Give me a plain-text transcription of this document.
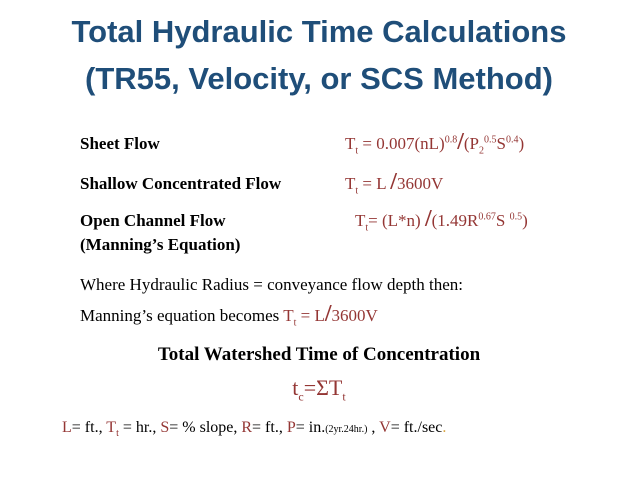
Total Hydraulic Time Calculations
(TR55, Velocity, or SCS Method)
Sheet Flow	$T_t = 0.007(nL)^{0.8}/(P_2^{0.5}S^{0.4})$
Shallow Concentrated Flow	$T_t = L$ /3600V
Open Channel Flow
(Manning’s Equation)
$T_t= (L*n)$ $/(1.49R^{0.67}S$ $^{0.5}$)
Where Hydraulic Radius = conveyance flow depth then:
Manning’s equation becomes $T_t = L/3600V$
Total Watershed Time of Concentration
$t_c=\Sigma T_t$
L= ft., $T_t$ = hr., S= % slope, R= ft., P= in.(2yr.24hr.) , V= ft./sec.
